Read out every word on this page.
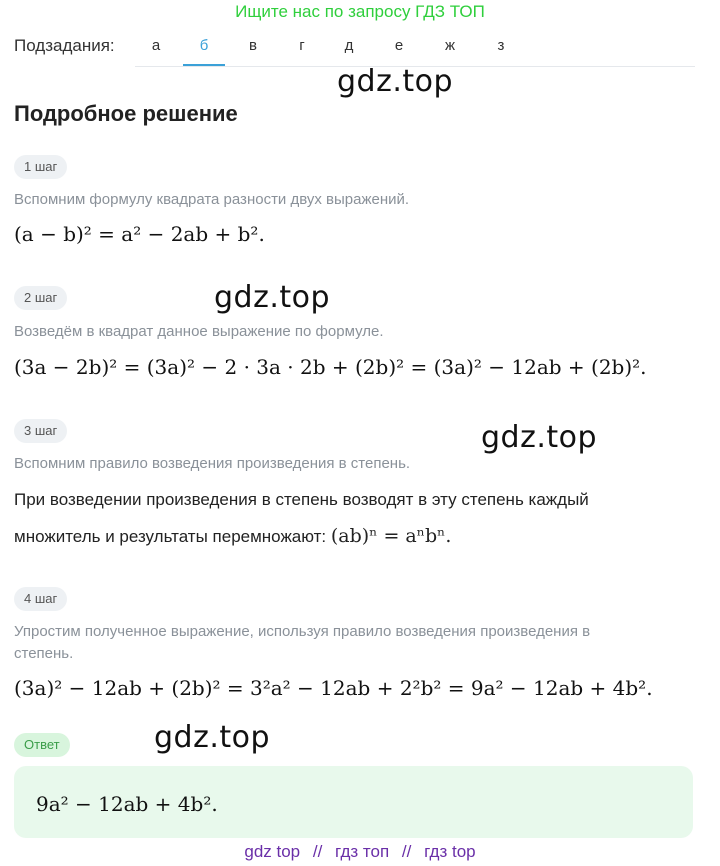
Ищите нас по запросу ГДЗ ТОП
Подзадания:	а	б	в	г	д	е	ж	з
gdz.top
Подробное решение
1 шаг
Вспомним формулу квадрата разности двух выражений.
(a − b)² = a² − 2ab + b².
2 шаг	gdz.top
Возведём в квадрат данное выражение по формуле.
(3a − 2b)² = (3a)² − 2 · 3a · 2b + (2b)² = (3a)² − 12ab + (2b)².
3 шаг	gdz.top
Вспомним правило возведения произведения в степень.
При возведении произведения в степень возводят в эту степень каждый
множитель и результаты перемножают: (ab)ⁿ = aⁿbⁿ.
4 шаг
Упростим полученное выражение, используя правило возведения произведения в
степень.
(3a)² − 12ab + (2b)² = 3²a² − 12ab + 2²b² = 9a² − 12ab + 4b².
Ответ	gdz.top
9a² − 12ab + 4b².
gdz top // гдз топ // гдз top
